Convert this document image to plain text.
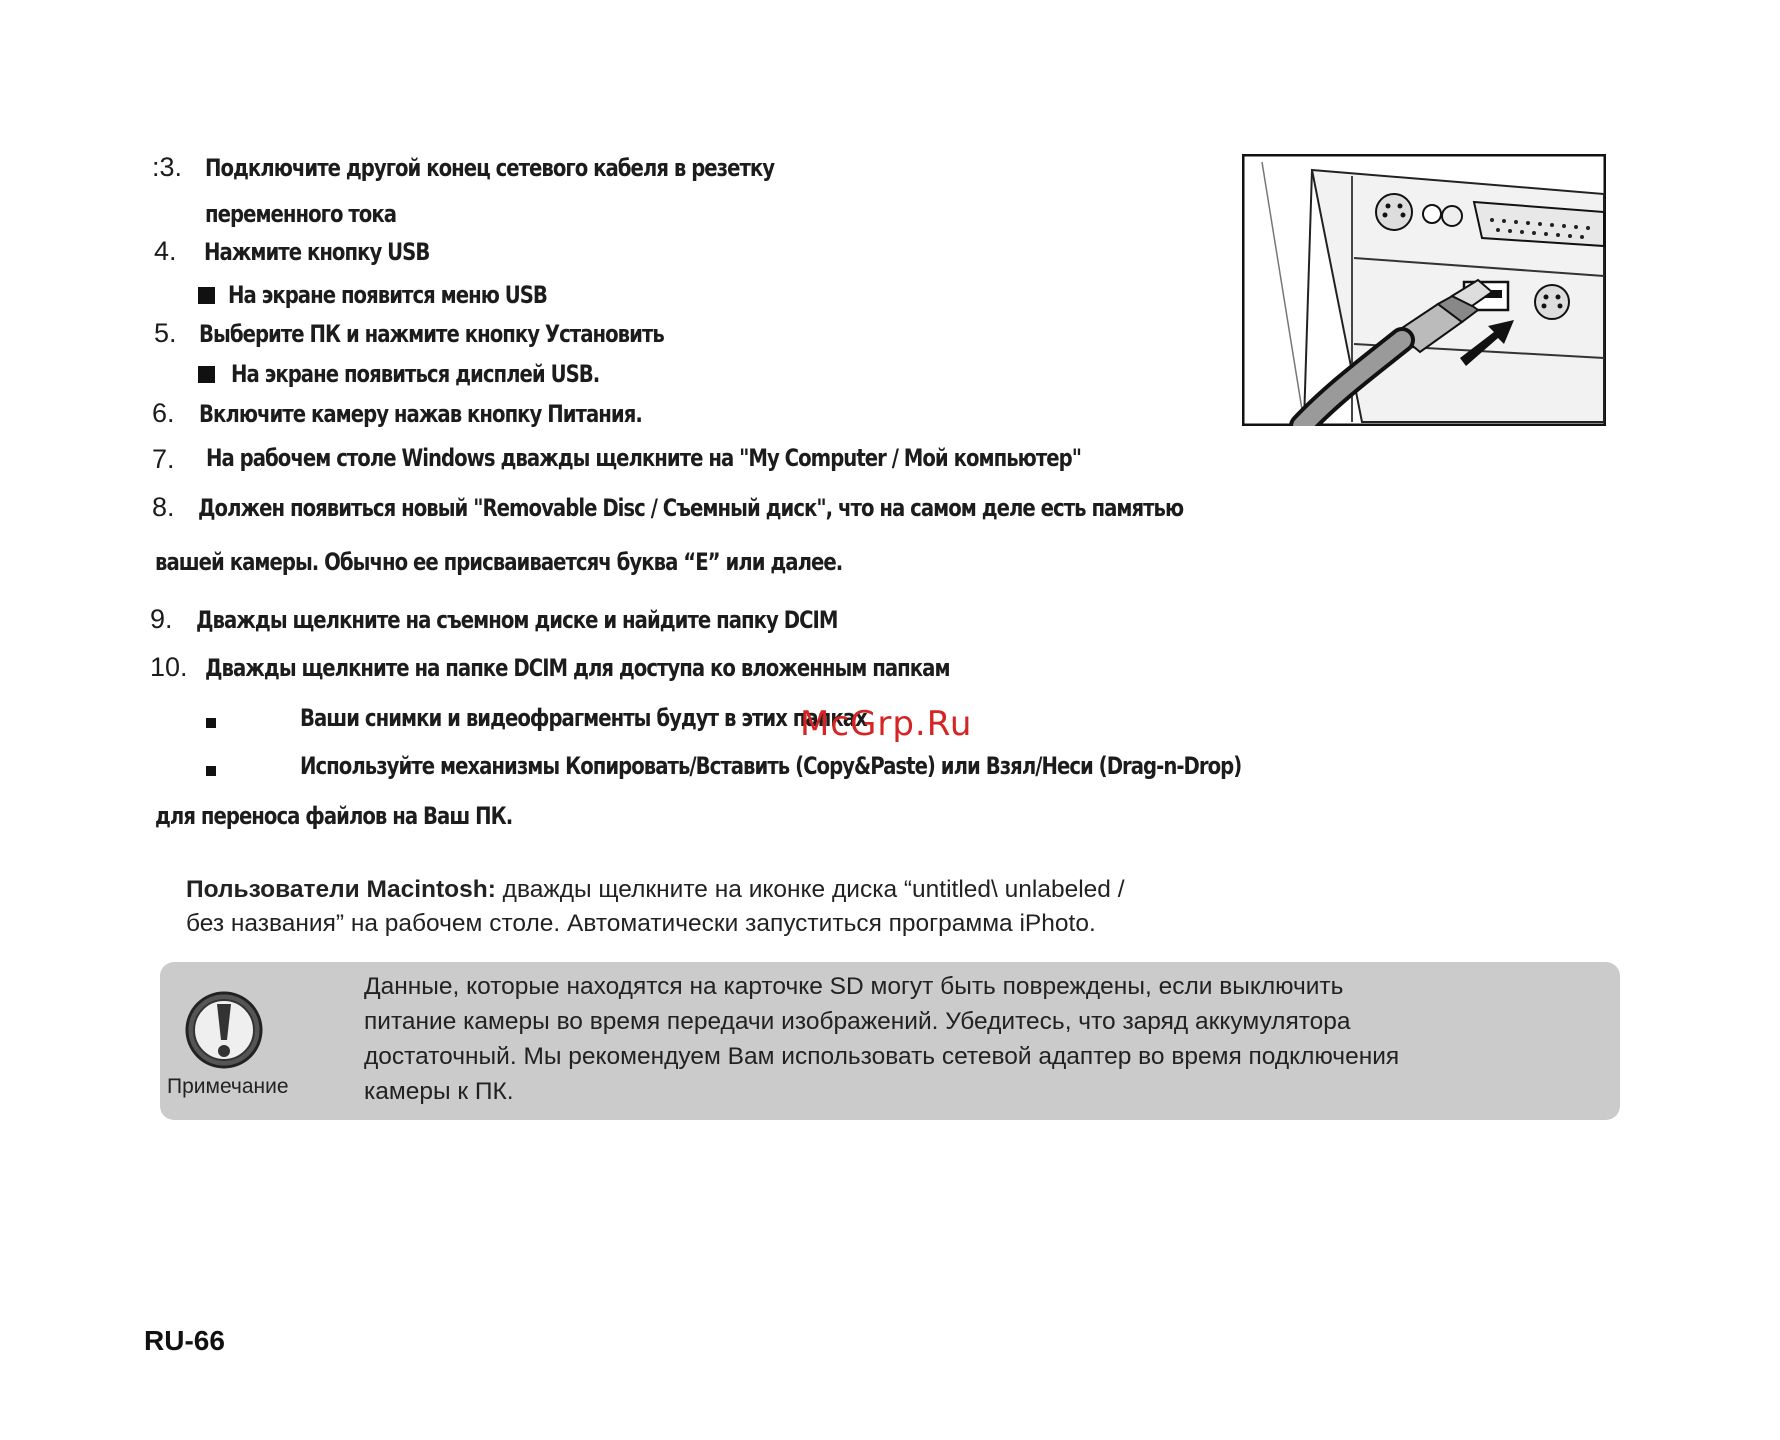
:3. Подключите другой конец сетевого кабеля в резетку
переменного тока
4. Нажмите кнопку USB
На экране появится меню USB
5. Выберите ПК и нажмите кнопку Установить
На экране появиться дисплей USB.
6. Включите камеру нажав кнопку Питания.
7. На рабочем столе Windows дважды щелкните на "My Computer / Мой компьютер"
8. Должен появиться новый "Removable Disc / Съемный диск", что на самом деле есть памятью
вашей камеры. Обычно ее присваиваетсяч буква “E” или далее.
9. Дважды щелкните на съемном диске и найдите папку DCIM
10. Дважды щелкните на папке DCIM для доступа ко вложенным папкам
Ваши снимки и видеофрагменты будут в этих папках
Используйте механизмы Копировать/Вставить (Copy&Paste) или Взял/Неси (Drag-n-Drop)
для переноса файлов на Ваш ПК.
McGrp.Ru
Пользователи Macintosh: дважды щелкните на иконке диска “untitled\ unlabeled /
без названия” на рабочем столе. Автоматически запуститься программа iPhoto.
Примечание
Данные, которые находятся на карточке SD могут быть повреждены, если выключить
питание камеры во время передачи изображений. Убедитесь, что заряд аккумулятора
достаточный. Мы рекомендуем Вам использовать сетевой адаптер во время подключения
камеры к ПК.
RU-66
